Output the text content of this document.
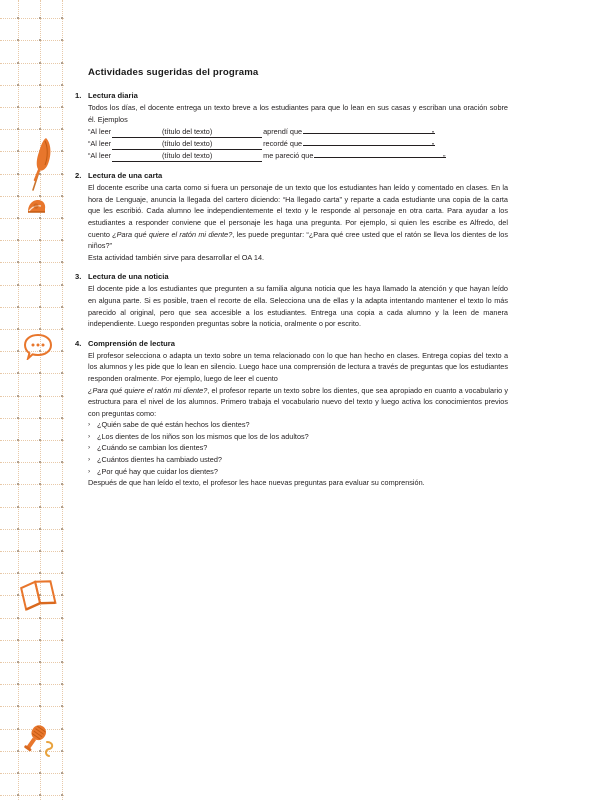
Actividades sugeridas del programa
1. Lectura diaria

Todos los días, el docente entrega un texto breve a los estudiantes para que lo lean en sus casas y escriban una oración sobre él. Ejemplos

“Al leer	(título del texto)	aprendí que”
“Al leer	(título del texto)	recordé que”
“Al leer	(título del texto)	me pareció que”
2. Lectura de una carta

El docente escribe una carta como si fuera un personaje de un texto que los estudiantes han leído y comentado en clases. En la hora de Lenguaje, anuncia la llegada del cartero diciendo: “Ha llegado carta” y reparte a cada estudiante una copia de la carta que les escribió. Cada alumno lee independientemente el texto y le responde al personaje en otra carta. Para ayudar a los estudiantes a responder conviene que el personaje les haga una pregunta. Por ejemplo, si quien les escribe es Alfredo, del cuento ¿Para qué quiere el ratón mi diente?, les puede preguntar: “¿Para qué cree usted que el ratón se lleva los dientes de los niños?”

Esta actividad también sirve para desarrollar el OA 14.

3. Lectura de una noticia

El docente pide a los estudiantes que pregunten a su familia alguna noticia que les haya llamado la atención y que hayan leído en alguna parte. Si es posible, traen el recorte de ella. Selecciona una de ellas y la adapta intentando mantener el texto lo más parecido al original, pero que sea accesible a los estudiantes. Entrega una copia a cada alumno y la leen de manera independiente. Luego responden preguntas sobre la noticia, oralmente o por escrito.

4. Comprensión de lectura

El profesor selecciona o adapta un texto sobre un tema relacionado con lo que han hecho en clases. Entrega copias del texto a los alumnos y les pide que lo lean en silencio. Luego hace una comprensión de lectura a través de preguntas que los estudiantes responden oralmente. Por ejemplo, luego de leer el cuento

¿Para qué quiere el ratón mi diente?, el profesor reparte un texto sobre los dientes, que sea apropiado en cuanto a vocabulario y estructura para el nivel de los alumnos. Primero trabaja el vocabulario nuevo del texto y luego activa los conocimientos previos con preguntas como:

› ¿Quién sabe de qué están hechos los dientes?
› ¿Los dientes de los niños son los mismos que los de los adultos?
› ¿Cuándo se cambian los dientes?
› ¿Cuántos dientes ha cambiado usted?
› ¿Por qué hay que cuidar los dientes?

Después de que han leído el texto, el profesor les hace nuevas preguntas para evaluar su comprensión.
